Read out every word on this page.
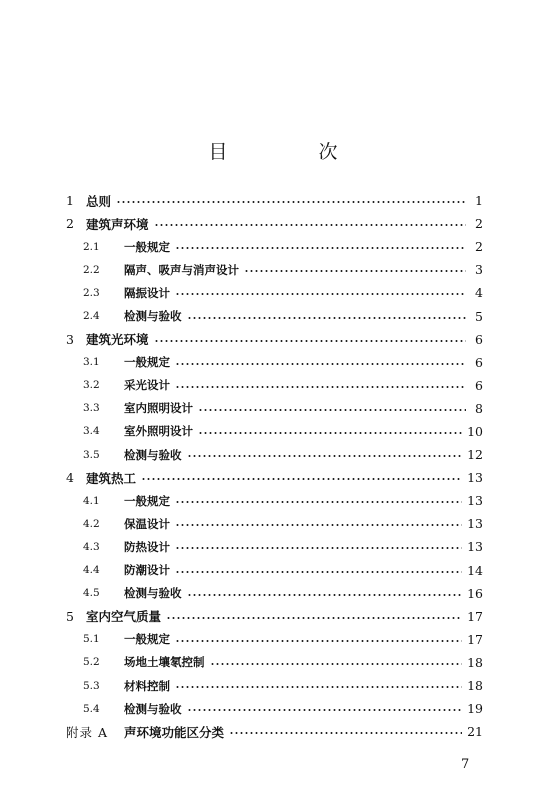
目　次
1 总则	1
2 建筑声环境	2
2.1	一般规定	2
2.2	隔声、吸声与消声设计	3
2.3	隔振设计	4
2.4	检测与验收	5
3 建筑光环境	6
3.1	一般规定	6
3.2	采光设计	6
3.3	室内照明设计	8
3.4	室外照明设计	10
3.5	检测与验收	12
4 建筑热工	13
4.1	一般规定	13
4.2	保温设计	13
4.3	防热设计	13
4.4	防潮设计	14
4.5	检测与验收	16
5 室内空气质量	17
5.1	一般规定	17
5.2	场地土壤氡控制	18
5.3	材料控制	18
5.4	检测与验收	19
附录 A	声环境功能区分类	21
7
